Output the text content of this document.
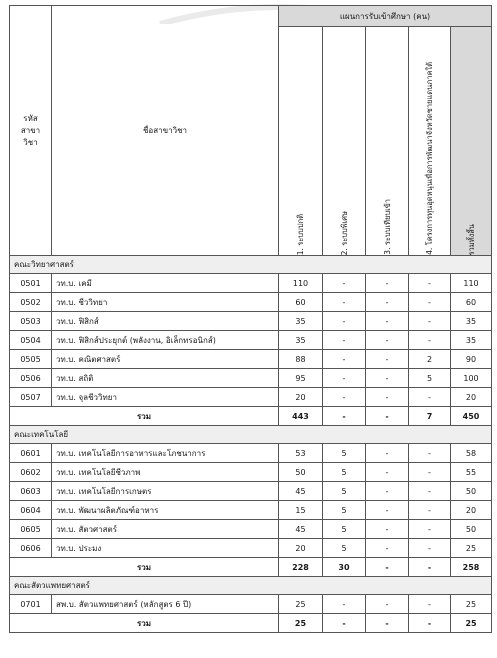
รหัส
สาขา
วิชา	ชื่อสาขาวิชา	แผนการรับเข้าศึกษา (คน)				

		1. ระบบปกติ	2. ระบบพิเศษ	3. ระบบเทียบเข้า	4. โครงการทุนอุดหนุนเพื่อการพัฒนาจังหวัดชายแดนภาคใต้	รวมทั้งสิ้น

คณะวิทยาศาสตร์						
0501	วท.บ. เคมี	110	-	-	-	110
0502	วท.บ. ชีววิทยา	60	-	-	-	60
0503	วท.บ. ฟิสิกส์	35	-	-	-	35
0504	วท.บ. ฟิสิกส์ประยุกต์ (พลังงาน, อิเล็กทรอนิกส์)	35	-	-	-	35
0505	วท.บ. คณิตศาสตร์	88	-	-	2	90
0506	วท.บ. สถิติ	95	-	-	5	100
0507	วท.บ. จุลชีววิทยา	20	-	-	-	20
รวม		443	-	-	7	450
คณะเทคโนโลยี						
0601	วท.บ. เทคโนโลยีการอาหารและโภชนาการ	53	5	-	-	58
0602	วท.บ. เทคโนโลยีชีวภาพ	50	5	-	-	55
0603	วท.บ. เทคโนโลยีการเกษตร	45	5	-	-	50
0604	วท.บ. พัฒนาผลิตภัณฑ์อาหาร	15	5	-	-	20
0605	วท.บ. สัตวศาสตร์	45	5	-	-	50
0606	วท.บ. ประมง	20	5	-	-	25
รวม		228	30	-	-	258
คณะสัตวแพทยศาสตร์						
0701	สพ.บ. สัตวแพทยศาสตร์ (หลักสูตร 6 ปี)	25	-	-	-	25
รวม		25	-	-	-	25
